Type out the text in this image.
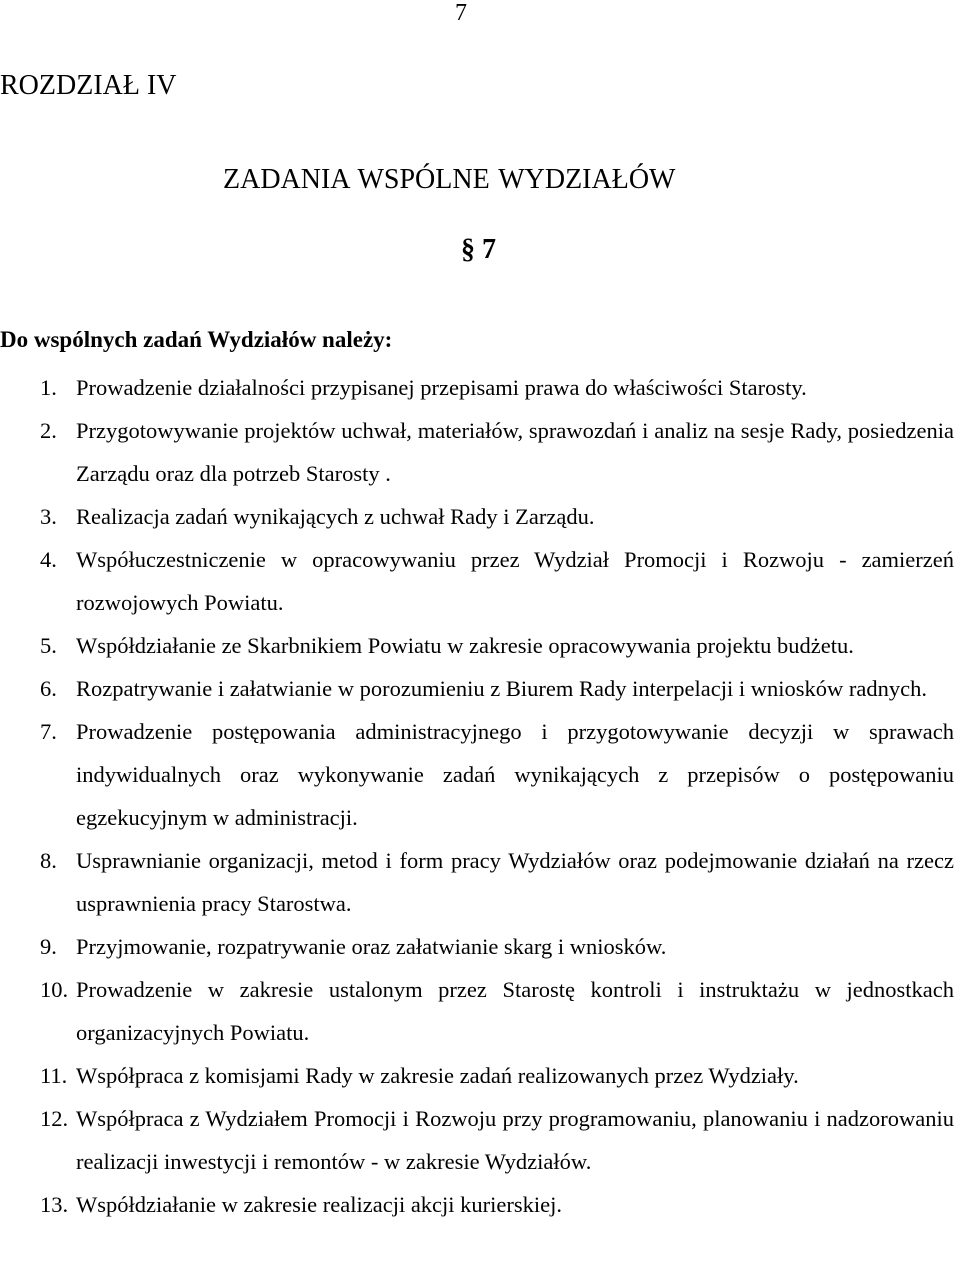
7
ROZDZIAŁ IV
ZADANIA WSPÓLNE WYDZIAŁÓW
§ 7
Do wspólnych zadań Wydziałów należy:
1. Prowadzenie działalności przypisanej przepisami prawa do właściwości Starosty.
2. Przygotowywanie projektów uchwał, materiałów, sprawozdań i analiz na sesje Rady, posiedzenia Zarządu oraz dla potrzeb Starosty .
3. Realizacja zadań wynikających z uchwał Rady i Zarządu.
4. Współuczestniczenie w opracowywaniu przez Wydział Promocji i Rozwoju - zamierzeń rozwojowych Powiatu.
5. Współdziałanie ze Skarbnikiem Powiatu w zakresie opracowywania projektu budżetu.
6. Rozpatrywanie i załatwianie w porozumieniu z Biurem Rady interpelacji i wniosków radnych.
7. Prowadzenie postępowania administracyjnego i przygotowywanie decyzji w sprawach indywidualnych oraz wykonywanie zadań wynikających z przepisów o postępowaniu egzekucyjnym w administracji.
8. Usprawnianie organizacji, metod i form pracy Wydziałów oraz podejmowanie działań na rzecz usprawnienia pracy Starostwa.
9. Przyjmowanie, rozpatrywanie oraz załatwianie skarg i wniosków.
10. Prowadzenie w zakresie ustalonym przez Starostę kontroli i instruktażu w jednostkach organizacyjnych Powiatu.
11. Współpraca z komisjami Rady w zakresie zadań realizowanych przez Wydziały.
12. Współpraca z Wydziałem Promocji i Rozwoju przy programowaniu, planowaniu i nadzorowaniu realizacji inwestycji i remontów - w zakresie Wydziałów.
13. Współdziałanie w zakresie realizacji akcji kurierskiej.
